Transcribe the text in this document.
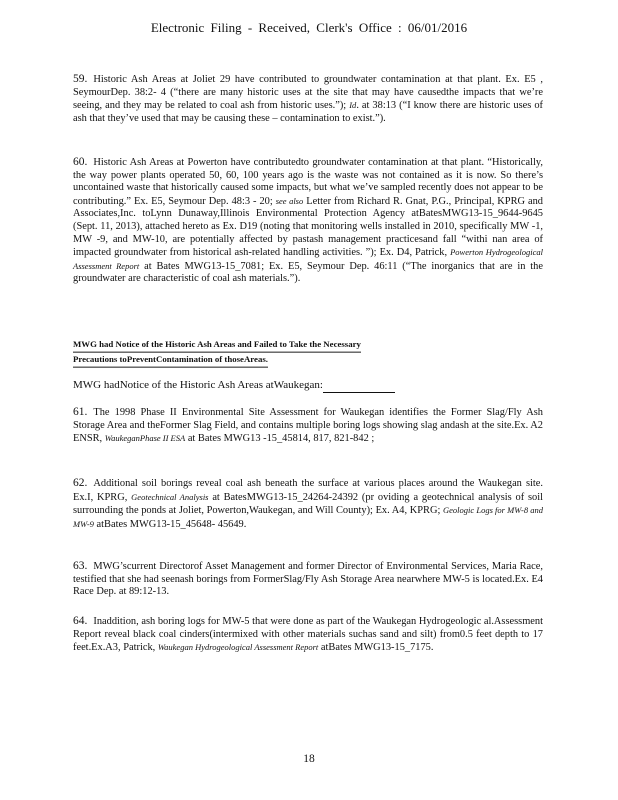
Electronic Filing - Received, Clerk's Office : 06/01/2016

59. Historic Ash Areas at Joliet 29 have contributed to groundwater contamination at that plant. Ex. E5 , SeymourDep. 38:2- 4 (“there are many historic uses at the site that may have causedthe impacts that we’re seeing, and they may be related to coal ash from historic uses.”); Id. at 38:13 (“I know there are historic uses of ash that they’ve used that may be causing these – contamination to exist.”).

60. Historic Ash Areas at Powerton have contributedto groundwater contamination at that plant. “Historically, the way power plants operated 50, 60, 100 years ago is the waste was not contained as it is now. So there’s uncontained waste that historically caused some impacts, but what we’ve sampled recently does not appear to be contributing.” Ex. E5, Seymour Dep. 48:3 - 20; see also Letter from Richard R. Gnat, P.G., Principal, KPRG and Associates,Inc. toLynn Dunaway,Illinois Environmental Protection Agency atBatesMWG13-15_9644-9645 (Sept. 11, 2013), attached hereto as Ex. D19 (noting that monitoring wells installed in 2010, specifically MW -1, MW -9, and MW-10, are potentially affected by pastash management practicesand fall “withi nan area of impacted groundwater from historical ash-related handling activities. ”); Ex. D4, Patrick, Powerton Hydrogeological Assessment Report at Bates MWG13-15_7081; Ex. E5, Seymour Dep. 46:11 (“The inorganics that are in the groundwater are characteristic of coal ash materials.”).

MWG had Notice of the Historic Ash Areas and Failed to Take the Necessary
Precautions toPreventContamination of thoseAreas.
MWG hadNotice of the Historic Ash Areas atWaukegan:

61. The 1998 Phase II Environmental Site Assessment for Waukegan identifies the Former Slag/Fly Ash Storage Area and theFormer Slag Field, and contains multiple boring logs showing slag andash at the site.Ex. A2 ENSR, WaukeganPhase II ESA at Bates MWG13 -15_45814, 817, 821-842 ;

62. Additional soil borings reveal coal ash beneath the surface at various places around the Waukegan site. Ex.I, KPRG, Geotechnical Analysis at BatesMWG13-15_24264-24392 (pr oviding a geotechnical analysis of soil surrounding the ponds at Joliet, Powerton,Waukegan, and Will County); Ex. A4, KPRG; Geologic Logs for MW-8 and MW-9 atBates MWG13-15_45648- 45649.

63. MWG’scurrent Directorof Asset Management and former Director of Environmental Services, Maria Race, testified that she had seenash borings from FormerSlag/Fly Ash Storage Area nearwhere MW-5 is located.Ex. E4 Race Dep. at 89:12-13.

64. Inaddition, ash boring logs for MW-5 that were done as part of the Waukegan Hydrogeologic al.Assessment Report reveal black coal cinders(intermixed with other materials suchas sand and silt) from0.5 feet depth to 17 feet.Ex.A3, Patrick, Waukegan Hydrogeological Assessment Report atBates MWG13-15_7175.

18
